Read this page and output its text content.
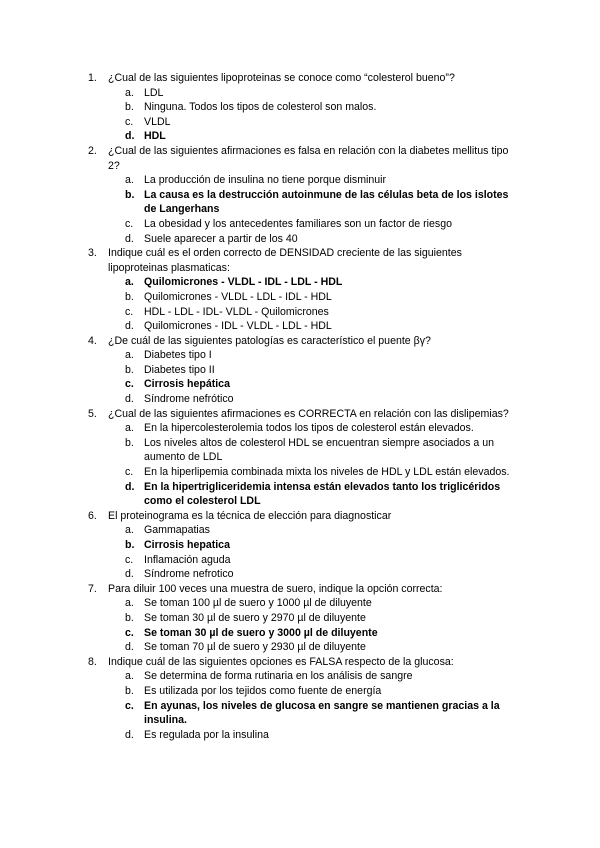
1. ¿Cual de las siguientes lipoproteinas se conoce como “colesterol bueno”?
a. LDL
b. Ninguna. Todos los tipos de colesterol son malos.
c. VLDL
d. HDL
2. ¿Cual de las siguientes afirmaciones es falsa en relación con la diabetes mellitus tipo 2?
a. La producción de insulina no tiene porque disminuir
b. La causa es la destrucción autoinmune de las células beta de los islotes de Langerhans
c. La obesidad y los antecedentes familiares son un factor de riesgo
d. Suele aparecer a partir de los 40
3. Indique cuál es el orden correcto de DENSIDAD creciente de las siguientes lipoproteinas plasmaticas:
a. Quilomicrones - VLDL - IDL - LDL - HDL
b. Quilomicrones - VLDL - LDL - IDL - HDL
c. HDL - LDL - IDL- VLDL - Quilomicrones
d. Quilomicrones - IDL - VLDL - LDL - HDL
4. ¿De cuál de las siguientes patologías es característico el puente βγ?
a. Diabetes tipo I
b. Diabetes tipo II
c. Cirrosis hepática
d. Síndrome nefrótico
5. ¿Cual de las siguientes afirmaciones es CORRECTA en relación con las dislipemias?
a. En la hipercolesterolemia todos los tipos de colesterol están elevados.
b. Los niveles altos de colesterol HDL se encuentran siempre asociados a un aumento de LDL
c. En la hiperlipemia combinada mixta los niveles de HDL y LDL están elevados.
d. En la hipertrigliceridemia intensa están elevados tanto los triglicéridos como el colesterol LDL
6. El proteinograma es la técnica de elección para diagnosticar
a. Gammapatias
b. Cirrosis hepatica
c. Inflamación aguda
d. Síndrome nefrotico
7. Para diluir 100 veces una muestra de suero, indique la opción correcta:
a. Se toman 100 µl de suero y 1000 µl de diluyente
b. Se toman 30 µl de suero y 2970 µl de diluyente
c. Se toman 30 µl de suero y 3000 µl de diluyente
d. Se toman 70 µl de suero y 2930 µl de diluyente
8. Indique cuál de las siguientes opciones es FALSA respecto de la glucosa:
a. Se determina de forma rutinaria en los análisis de sangre
b. Es utilizada por los tejidos como fuente de energía
c. En ayunas, los niveles de glucosa en sangre se mantienen gracias a la insulina.
d. Es regulada por la insulina
